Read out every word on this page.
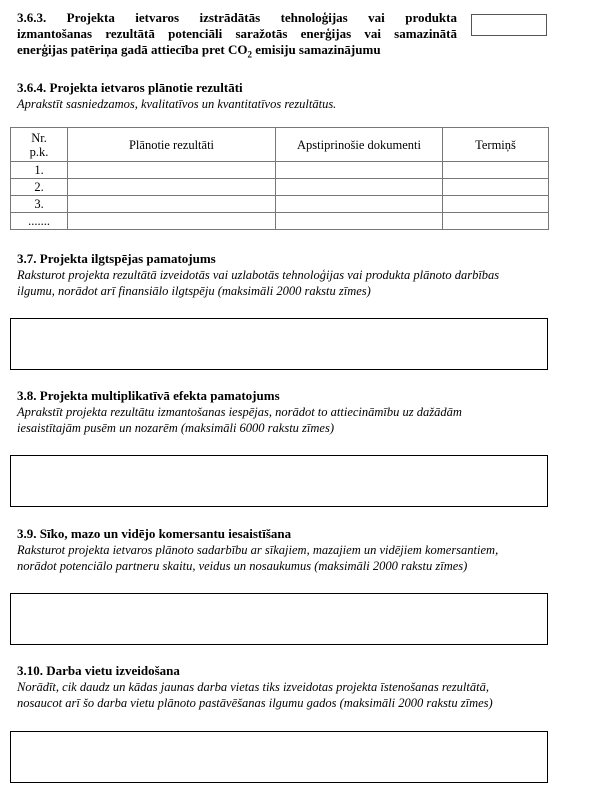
3.6.3. Projekta ietvaros izstrādātās tehnoloģijas vai produkta
izmantošanas rezultātā potenciāli saražotās enerģijas vai samazinātā
enerģijas patēriņa gadā attiecība pret $CO_2$ emisiju samazinājumu
3.6.4. Projekta ietvaros plānotie rezultāti
Aprakstīt sasniedzamos, kvalitatīvos un kvantitatīvos rezultātus.
Nr.
p.k.	Plānotie rezultāti	Apstiprinošie dokumenti	Termiņš
1.			
2.			
3.			
.......			
3.7. Projekta ilgtspējas pamatojums
Raksturot projekta rezultātā izveidotās vai uzlabotās tehnoloģijas vai produkta plānoto darbības
ilgumu, norādot arī finansiālo ilgtspēju (maksimāli 2000 rakstu zīmes)
3.8. Projekta multiplikatīvā efekta pamatojums
Aprakstīt projekta rezultātu izmantošanas iespējas, norādot to attiecināmību uz dažādām
iesaistītajām pusēm un nozarēm (maksimāli 6000 rakstu zīmes)
3.9. Sīko, mazo un vidējo komersantu iesaistīšana
Raksturot projekta ietvaros plānoto sadarbību ar sīkajiem, mazajiem un vidējiem komersantiem,
norādot potenciālo partneru skaitu, veidus un nosaukumus (maksimāli 2000 rakstu zīmes)
3.10. Darba vietu izveidošana
Norādīt, cik daudz un kādas jaunas darba vietas tiks izveidotas projekta īstenošanas rezultātā,
nosaucot arī šo darba vietu plānoto pastāvēšanas ilgumu gados (maksimāli 2000 rakstu zīmes)
